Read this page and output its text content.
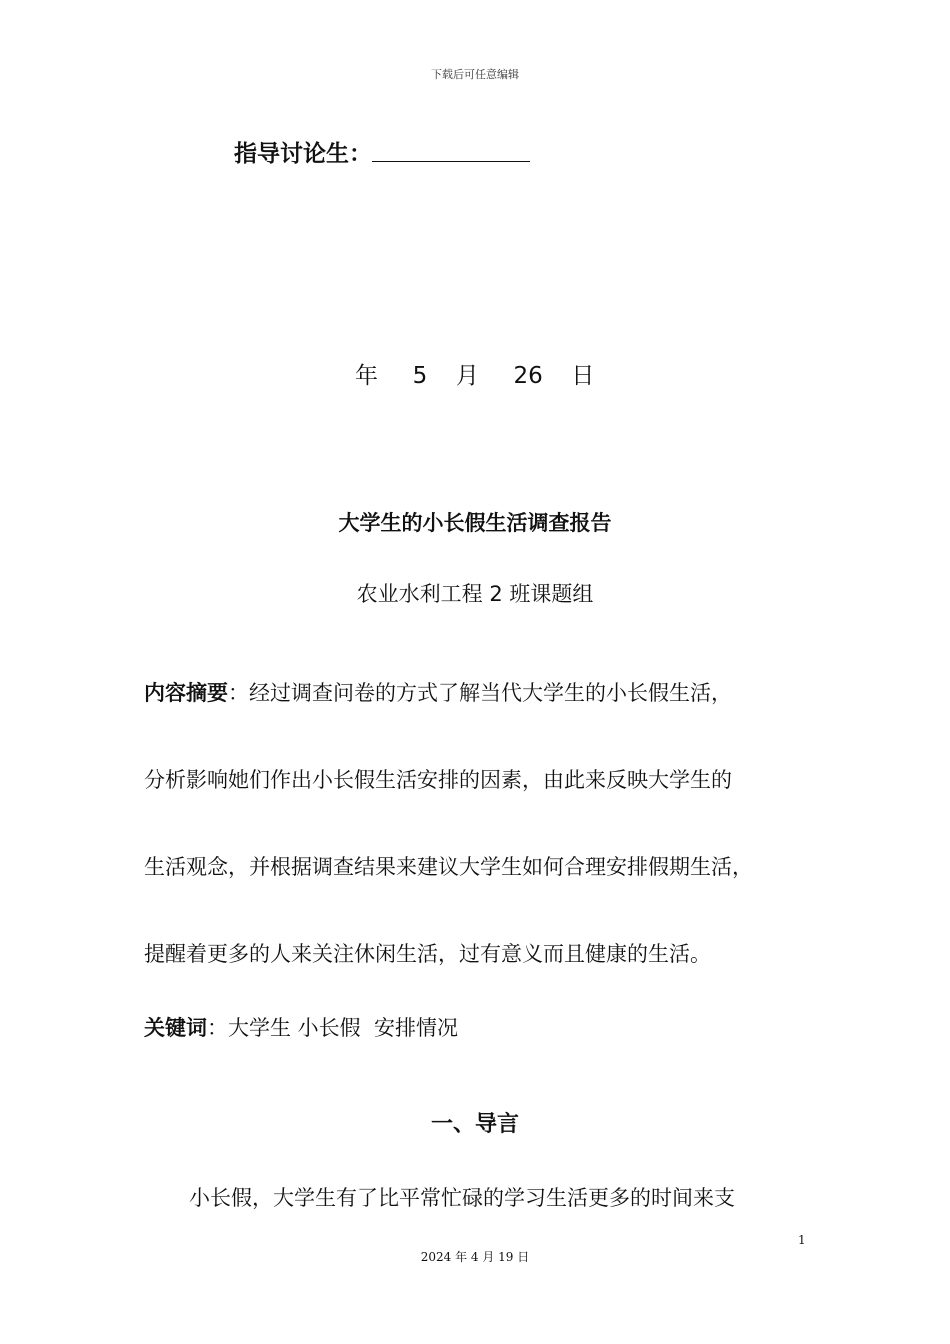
下载后可任意编辑
指导讨论生：
年 5 月 26 日
大学生的小长假生活调查报告
农业水利工程 2 班课题组
内容摘要：经过调查问卷的方式了解当代大学生的小长假生活，
分析影响她们作出小长假生活安排的因素，由此来反映大学生的
生活观念，并根据调查结果来建议大学生如何合理安排假期生活，
提醒着更多的人来关注休闲生活，过有意义而且健康的生活。
关键词：大学生 小长假  安排情况
一、导言
小长假，大学生有了比平常忙碌的学习生活更多的时间来支
1
2024 年 4 月 19 日
